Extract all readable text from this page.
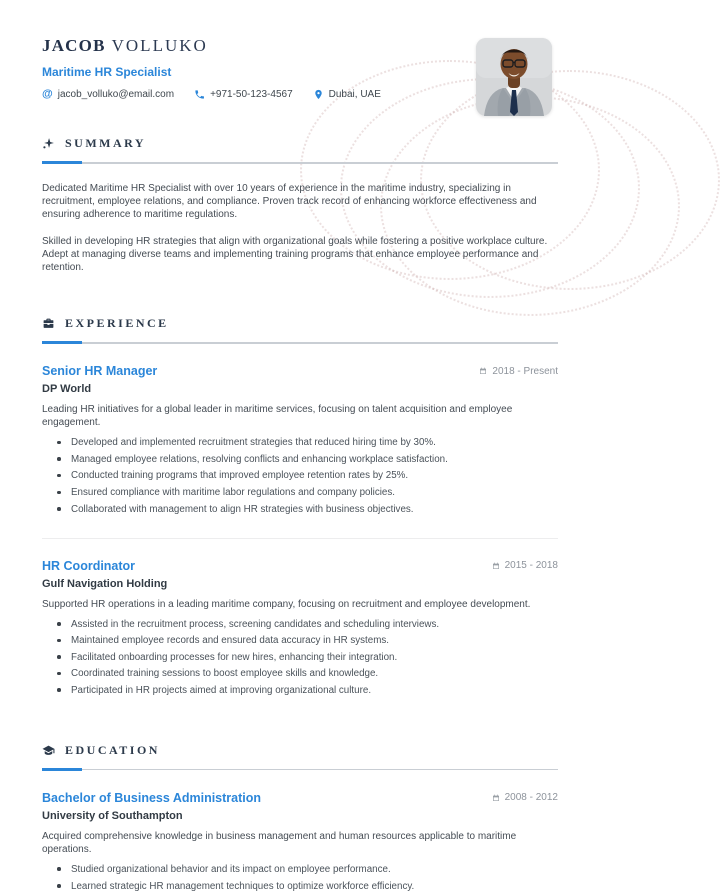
JACOB VOLLUKO
Maritime HR Specialist
@ jacob_volluko@email.com	+971-50-123-4567	Dubai, UAE
SUMMARY

Dedicated Maritime HR Specialist with over 10 years of experience in the maritime industry, specializing in recruitment, employee relations, and compliance. Proven track record of enhancing workforce effectiveness and ensuring adherence to maritime regulations.

Skilled in developing HR strategies that align with organizational goals while fostering a positive workplace culture. Adept at managing diverse teams and implementing training programs that enhance employee performance and retention.

EXPERIENCE
Senior HR Manager	2018 - Present
DP World
Leading HR initiatives for a global leader in maritime services, focusing on talent acquisition and employee engagement.
Developed and implemented recruitment strategies that reduced hiring time by 30%.
Managed employee relations, resolving conflicts and enhancing workplace satisfaction.
Conducted training programs that improved employee retention rates by 25%.
Ensured compliance with maritime labor regulations and company policies.
Collaborated with management to align HR strategies with business objectives.
HR Coordinator	2015 - 2018
Gulf Navigation Holding
Supported HR operations in a leading maritime company, focusing on recruitment and employee development.
Assisted in the recruitment process, screening candidates and scheduling interviews.
Maintained employee records and ensured data accuracy in HR systems.
Facilitated onboarding processes for new hires, enhancing their integration.
Coordinated training sessions to boost employee skills and knowledge.
Participated in HR projects aimed at improving organizational culture.
EDUCATION
Bachelor of Business Administration	2008 - 2012
University of Southampton
Acquired comprehensive knowledge in business management and human resources applicable to maritime operations.
Studied organizational behavior and its impact on employee performance.
Learned strategic HR management techniques to optimize workforce efficiency.
